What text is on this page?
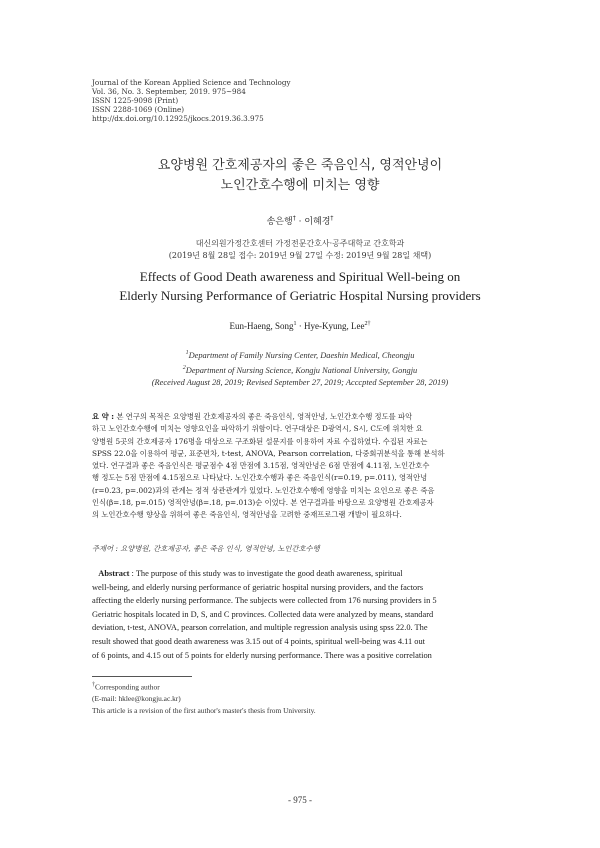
Journal of the Korean Applied Science and Technology
Vol. 36, No. 3. September, 2019. 975~984
ISSN 1225-9098 (Print)
ISSN 2288-1069 (Online)
http://dx.doi.org/10.12925/jkocs.2019.36.3.975
요양병원 간호제공자의 좋은 죽음인식, 영적안녕이
노인간호수행에 미치는 영향
송은행† · 이혜경†
대신의원가정간호센터 가정전문간호사·공주대학교 간호학과
(2019년 8월 28일 접수: 2019년 9월 27일 수정: 2019년 9월 28일 채택)
Effects of Good Death awareness and Spiritual Well-being on
Elderly Nursing Performance of Geriatric Hospital Nursing providers
Eun-Haeng, Song$^1$ · Hye-Kyung, Lee$^{2\dagger}$
$^1$Department of Family Nursing Center, Daeshin Medical, Cheongju
$^2$Department of Nursing Science, Kongju National University, Gongju
(Received August 28, 2019; Revised September 27, 2019; Acccpted September 28, 2019)
요 약 : 본 연구의 목적은 요양병원 간호제공자의 좋은 죽음인식, 영적안녕, 노인간호수행 정도를 파악
하고 노인간호수행에 미치는 영향요인을 파악하기 위함이다. 연구대상은 D광역시, S시, C도에 위치한 요
양병원 5곳의 간호제공자 176명을 대상으로 구조화된 설문지를 이용하여 자료 수집하였다. 수집된 자료는
SPSS 22.0을 이용하여 평균, 표준편차, t-test, ANOVA, Pearson correlation, 다중회귀분석을 통해 분석하
였다. 연구결과 좋은 죽음인식은 평균점수 4점 만점에 3.15점, 영적안녕은 6점 만점에 4.11점, 노인간호수
행 정도는 5점 만점에 4.15점으로 나타났다. 노인간호수행과 좋은 죽음인식(r=0.19, p=.011), 영적안녕
(r=0.23, p=.002)과의 관계는 정적 상관관계가 있었다. 노인간호수행에 영향을 미치는 요인으로 좋은 죽음
인식(β=.18, p=.015) 영적안녕(β=.18, p=.013)순 이었다. 본 연구결과를 바탕으로 요양병원 간호제공자
의 노인간호수행 향상을 위하여 좋은 죽음인식, 영적안녕을 고려한 중재프로그램 개발이 필요하다.
주제어 : 요양병원, 간호제공자, 좋은 죽음 인식, 영적안녕, 노인간호수행
Abstract : The purpose of this study was to investigate the good death awareness, spiritual
well-being, and elderly nursing performance of geriatric hospital nursing providers, and the factors
affecting the elderly nursing performance. The subjects were collected from 176 nursing providers in 5
Geriatric hospitals located in D, S, and C provinces. Collected data were analyzed by means, standard
deviation, t-test, ANOVA, pearson correlation, and multiple regression analysis using spss 22.0. The
result showed that good death awareness was 3.15 out of 4 points, spiritual well-being was 4.11 out
of 6 points, and 4.15 out of 5 points for elderly nursing performance. There was a positive correlation
†Corresponding author
(E-mail: hklee@kongju.ac.kr)
This article is a revision of the first author's master's thesis from University.
- 975 -
